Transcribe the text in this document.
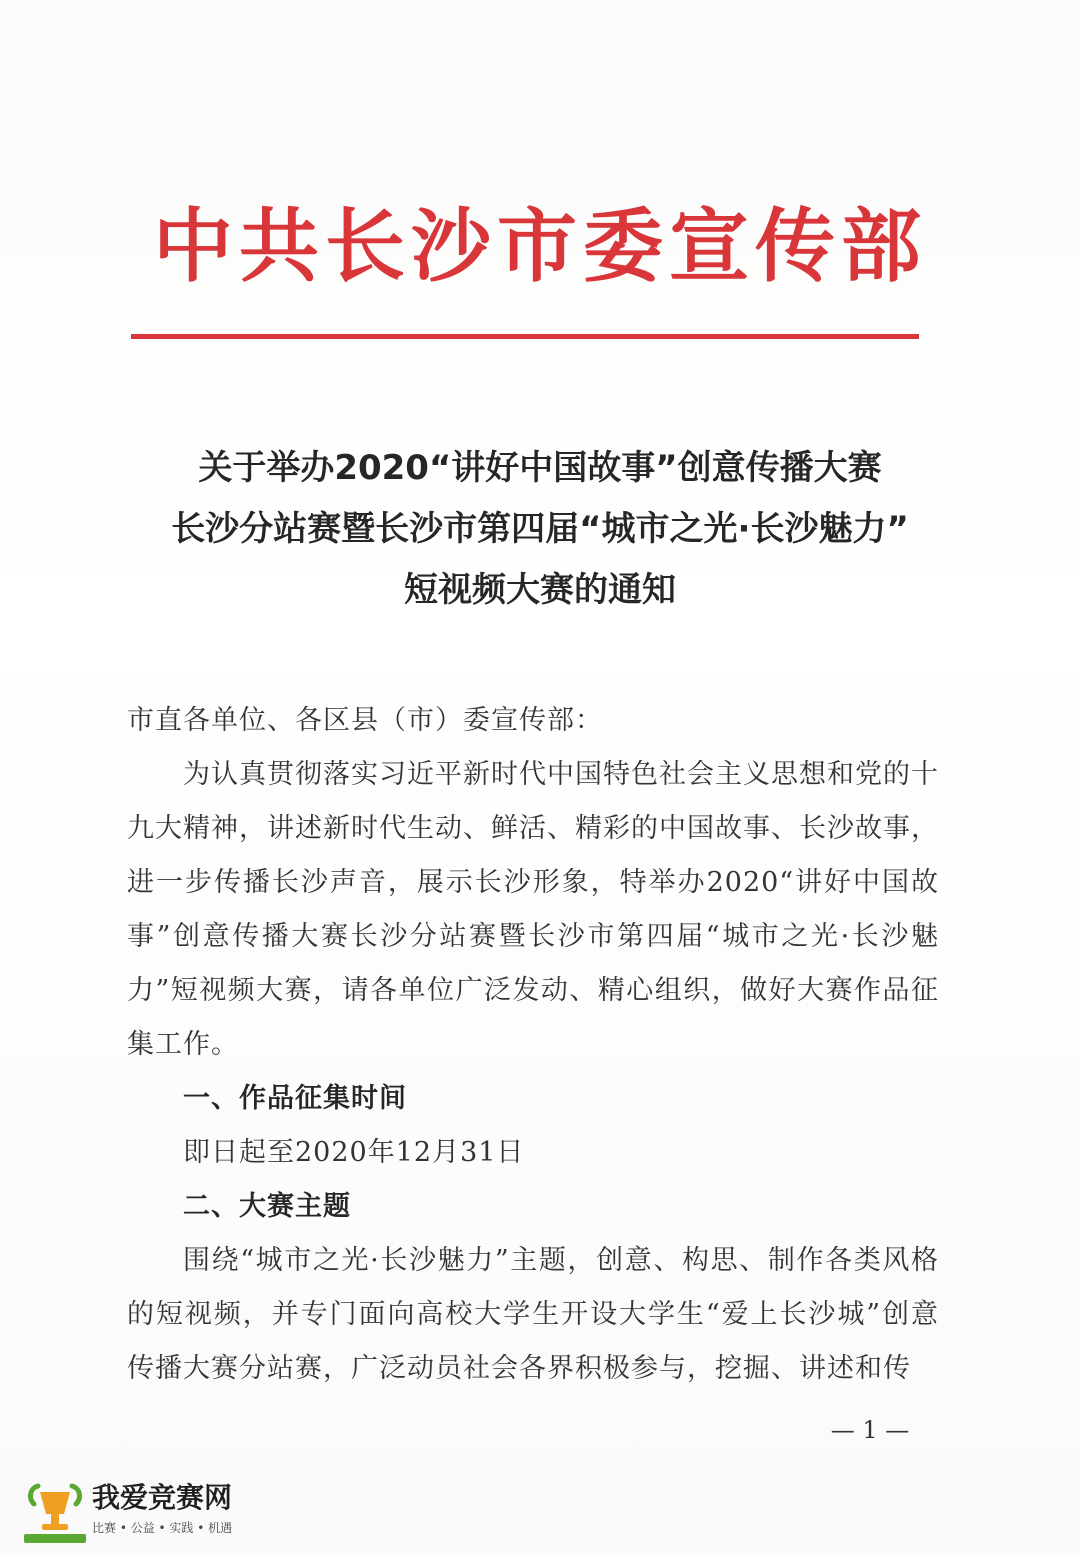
中共长沙市委宣传部
关于举办2020“讲好中国故事”创意传播大赛
长沙分站赛暨长沙市第四届“城市之光·长沙魅力”
短视频大赛的通知
市直各单位、各区县（市）委宣传部：
为认真贯彻落实习近平新时代中国特色社会主义思想和党的十九大精神，讲述新时代生动、鲜活、精彩的中国故事、长沙故事，进一步传播长沙声音，展示长沙形象，特举办2020“讲好中国故事”创意传播大赛长沙分站赛暨长沙市第四届“城市之光·长沙魅力”短视频大赛，请各单位广泛发动、精心组织，做好大赛作品征集工作。
一、作品征集时间
即日起至2020年12月31日
二、大赛主题
围绕“城市之光·长沙魅力”主题，创意、构思、制作各类风格的短视频，并专门面向高校大学生开设大学生“爱上长沙城”创意传播大赛分站赛，广泛动员社会各界积极参与，挖掘、讲述和传
— 1 —
我爱竞赛网
比赛 • 公益 • 实践 • 机遇
